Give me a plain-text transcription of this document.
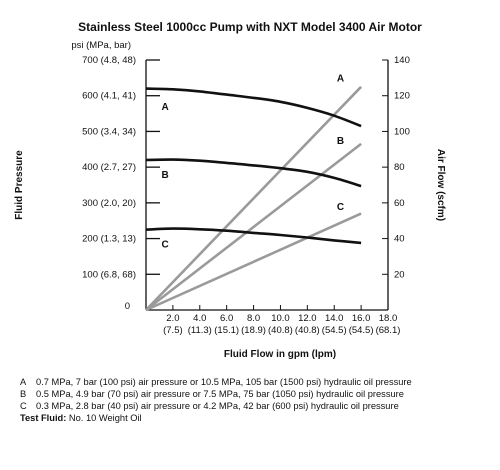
Stainless Steel 1000cc Pump with NXT Model 3400 Air Motor
psi (MPa, bar)
Fluid Pressure	Air Flow (scfm)
Fluid Flow in gpm (lpm)
0
100 (6.8, 68)
200 (1.3, 13)
300 (2.0, 20)
400 (2.7, 27)
500 (3.4, 34)
600 (4.1, 41)
700 (4.8, 48)
20
40
60
80
100
120
140
2.0
(7.5)
4.0
(11.3)
6.0
(15.1)
8.0
(18.9)
10.0
(40.8)
12.0
(40.8)
14.0
(54.5)
16.0
(54.5)
18.0
(68.1)
A
B
C
A
B
C
A	0.7 MPa, 7 bar (100 psi) air pressure or 10.5 MPa, 105 bar (1500 psi) hydraulic oil pressure
B	0.5 MPa, 4.9 bar (70 psi) air pressure or 7.5 MPa, 75 bar (1050 psi) hydraulic oil pressure
C 0.3 MPa, 2.8 bar (40 psi) air pressure or 4.2 MPa, 42 bar (600 psi) hydraulic oil pressure
Test Fluid:
No. 10 Weight Oil
